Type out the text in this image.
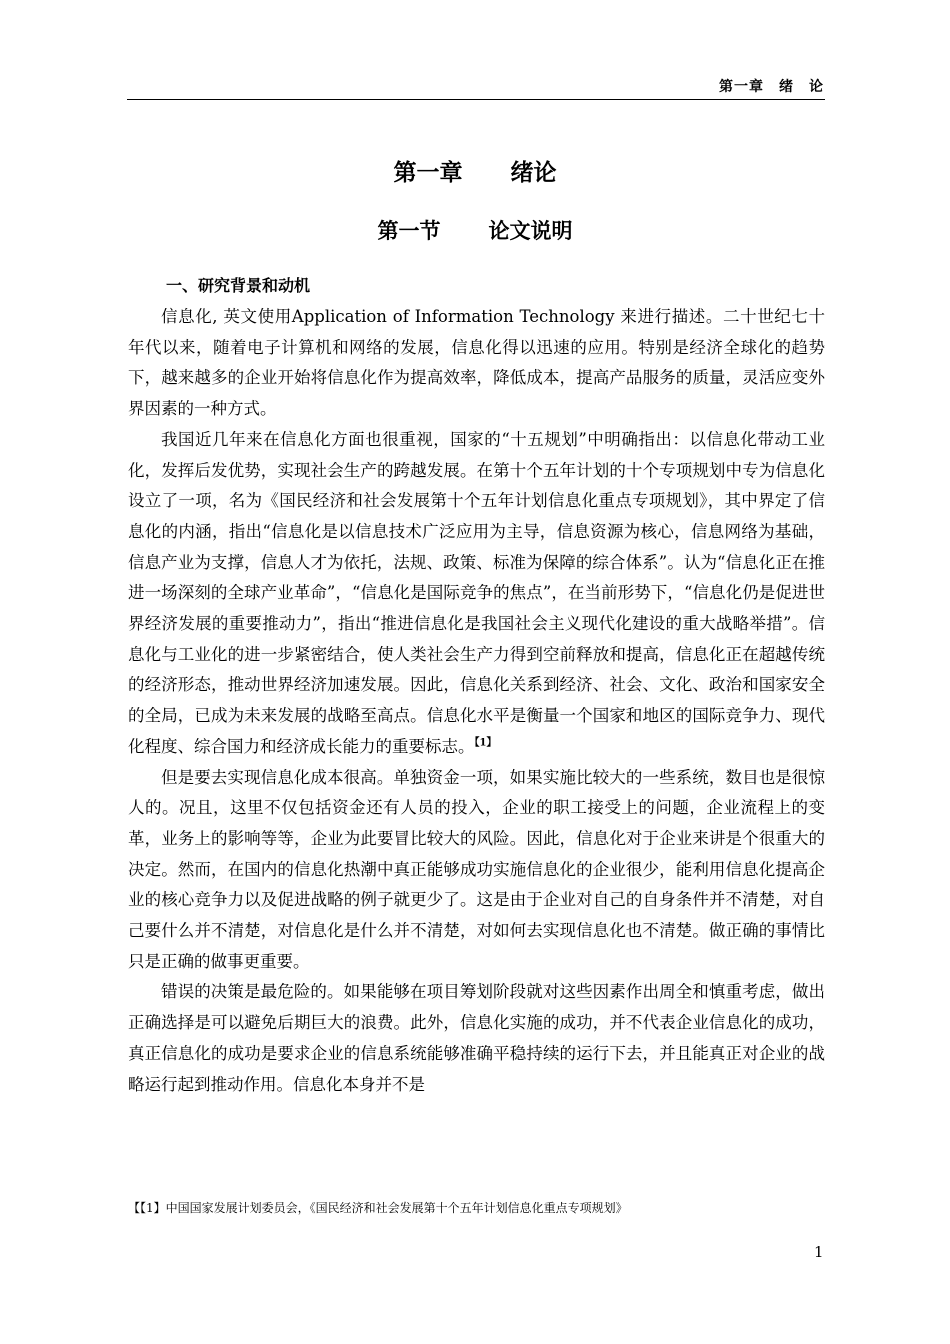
第一章　绪　论
第一章 绪论
第一节 论文说明
一、研究背景和动机

信息化, 英文使用Application of Information Technology 来进行描述。二十世纪七十年代以来，随着电子计算机和网络的发展，信息化得以迅速的应用。特别是经济全球化的趋势下，越来越多的企业开始将信息化作为提高效率，降低成本，提高产品服务的质量，灵活应变外界因素的一种方式。

我国近几年来在信息化方面也很重视，国家的“十五规划”中明确指出：以信息化带动工业化，发挥后发优势，实现社会生产的跨越发展。在第十个五年计划的十个专项规划中专为信息化设立了一项，名为《国民经济和社会发展第十个五年计划信息化重点专项规划》，其中界定了信息化的内涵，指出“信息化是以信息技术广泛应用为主导，信息资源为核心，信息网络为基础，信息产业为支撑，信息人才为依托，法规、政策、标准为保障的综合体系”。认为“信息化正在推进一场深刻的全球产业革命”，“信息化是国际竞争的焦点”，在当前形势下，“信息化仍是促进世界经济发展的重要推动力”，指出“推进信息化是我国社会主义现代化建设的重大战略举措”。信息化与工业化的进一步紧密结合，使人类社会生产力得到空前释放和提高，信息化正在超越传统的经济形态，推动世界经济加速发展。因此，信息化关系到经济、社会、文化、政治和国家安全的全局，已成为未来发展的战略至高点。信息化水平是衡量一个国家和地区的国际竞争力、现代化程度、综合国力和经济成长能力的重要标志。$^{【1】}$

但是要去实现信息化成本很高。单独资金一项，如果实施比较大的一些系统，数目也是很惊人的。况且，这里不仅包括资金还有人员的投入，企业的职工接受上的问题，企业流程上的变革，业务上的影响等等，企业为此要冒比较大的风险。因此，信息化对于企业来讲是个很重大的决定。然而，在国内的信息化热潮中真正能够成功实施信息化的企业很少，能利用信息化提高企业的核心竞争力以及促进战略的例子就更少了。这是由于企业对自己的自身条件并不清楚，对自己要什么并不清楚，对信息化是什么并不清楚，对如何去实现信息化也不清楚。做正确的事情比只是正确的做事更重要。

错误的决策是最危险的。如果能够在项目筹划阶段就对这些因素作出周全和慎重考虑，做出正确选择是可以避免后期巨大的浪费。此外，信息化实施的成功，并不代表企业信息化的成功，真正信息化的成功是要求企业的信息系统能够准确平稳持续的运行下去，并且能真正对企业的战略运行起到推动作用。信息化本身并不是

【【1】中国国家发展计划委员会，《国民经济和社会发展第十个五年计划信息化重点专项规划》
1
